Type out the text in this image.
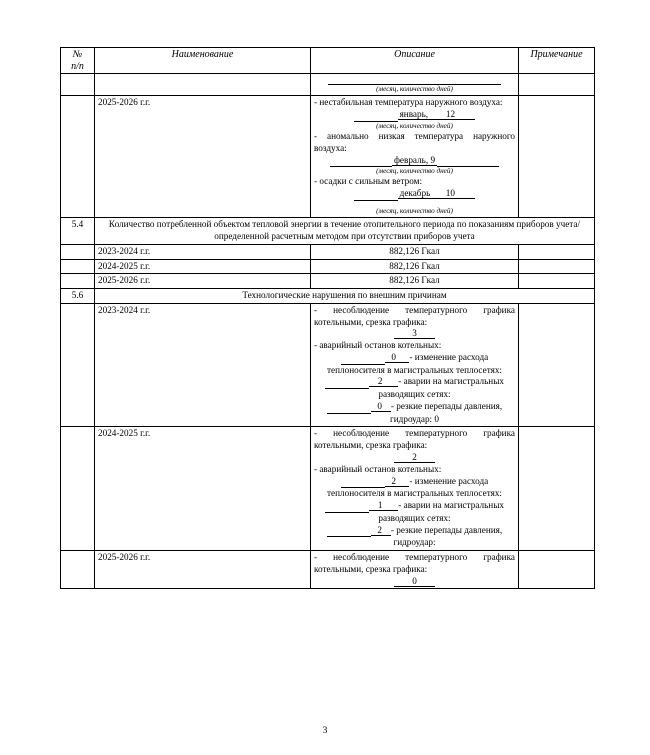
№
п/п	Наименование	Описание	Примечание

		(месяц, количество дней)	

	2025-2026 г.г.	- нестабильная температура наружного воздуха:

январь, 12
(месяц, количество дней)

- аномально низкая температура наружного воздуха:

февраль, 9
(месяц, количество дней)

- осадки с сильным ветром:

декабрь 10
(месяц, количество дней)

5.4	Количество потребленной объектом тепловой энергии в течение отопительного периода по показаниям приборов учета/определенной расчетным методом при отсутствии приборов учета		
	2023-2024 г.г.	882,126 Гкал	
	2024-2025 г.г.	882,126 Гкал	
	2025-2026 г.г.	882,126 Гкал	
5.6	Технологические нарушения по внешним причинам		
	2023-2024 г.г.	- несоблюдение температурного графика котельными, срезка графика:

3

- аварийный останов котельных:

0 - изменение расхода теплоносителя в магистральных теплосетях:
2 - аварии на магистральных разводящих сетях:
0 - резкие перепады давления, гидроудар: 0

	2024-2025 г.г.	- несоблюдение температурного графика котельными, срезка графика:

2

- аварийный останов котельных:

2 - изменение расхода теплоносителя в магистральных теплосетях:
1 - аварии на магистральных разводящих сетях:
2 - резкие перепады давления, гидроудар:

	2025-2026 г.г.	- несоблюдение температурного графика котельными, срезка графика:

0	

3
